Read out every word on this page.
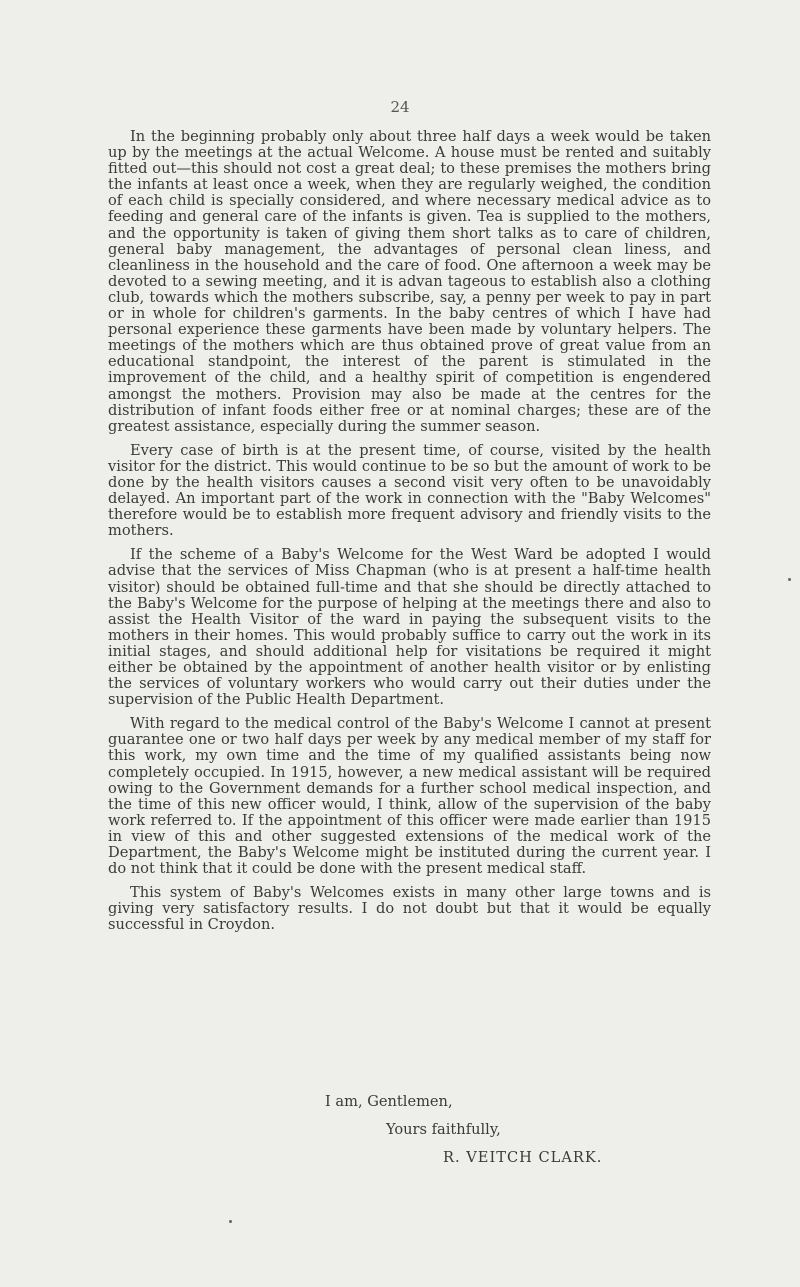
24

In the beginning probably only about three half days a week would be taken up by the meetings at the actual Welcome. A house must be rented and suitably fitted out—this should not cost a great deal; to these premises the mothers bring the infants at least once a week, when they are regularly weighed, the condition of each child is specially considered, and where necessary medical advice as to feeding and general care of the infants is given. Tea is supplied to the mothers, and the opportunity is taken of giving them short talks as to care of children, general baby management, the advantages of personal clean liness, and cleanliness in the household and the care of food. One afternoon a week may be devoted to a sewing meeting, and it is advan tageous to establish also a clothing club, towards which the mothers subscribe, say, a penny per week to pay in part or in whole for children's garments. In the baby centres of which I have had personal experience these garments have been made by voluntary helpers. The meetings of the mothers which are thus obtained prove of great value from an educational standpoint, the interest of the parent is stimulated in the improvement of the child, and a healthy spirit of competition is engendered amongst the mothers. Provision may also be made at the centres for the distribution of infant foods either free or at nominal charges; these are of the greatest assistance, especially during the summer season.

Every case of birth is at the present time, of course, visited by the health visitor for the district. This would continue to be so but the amount of work to be done by the health visitors causes a second visit very often to be unavoidably delayed. An important part of the work in connection with the "Baby Welcomes" therefore would be to establish more frequent advisory and friendly visits to the mothers.

If the scheme of a Baby's Welcome for the West Ward be adopted I would advise that the services of Miss Chapman (who is at present a half-time health visitor) should be obtained full-time and that she should be directly attached to the Baby's Welcome for the purpose of helping at the meetings there and also to assist the Health Visitor of the ward in paying the subsequent visits to the mothers in their homes. This would probably suffice to carry out the work in its initial stages, and should additional help for visitations be required it might either be obtained by the appointment of another health visitor or by enlisting the services of voluntary workers who would carry out their duties under the supervision of the Public Health Department.

With regard to the medical control of the Baby's Welcome I cannot at present guarantee one or two half days per week by any medical member of my staff for this work, my own time and the time of my qualified assistants being now completely occupied. In 1915, however, a new medical assistant will be required owing to the Government demands for a further school medical inspection, and the time of this new officer would, I think, allow of the supervision of the baby work referred to. If the appointment of this officer were made earlier than 1915 in view of this and other suggested extensions of the medical work of the Department, the Baby's Welcome might be instituted during the current year. I do not think that it could be done with the present medical staff.

This system of Baby's Welcomes exists in many other large towns and is giving very satisfactory results. I do not doubt but that it would be equally successful in Croydon.

I am, Gentlemen,
Yours faithfully,
R. VEITCH CLARK.
